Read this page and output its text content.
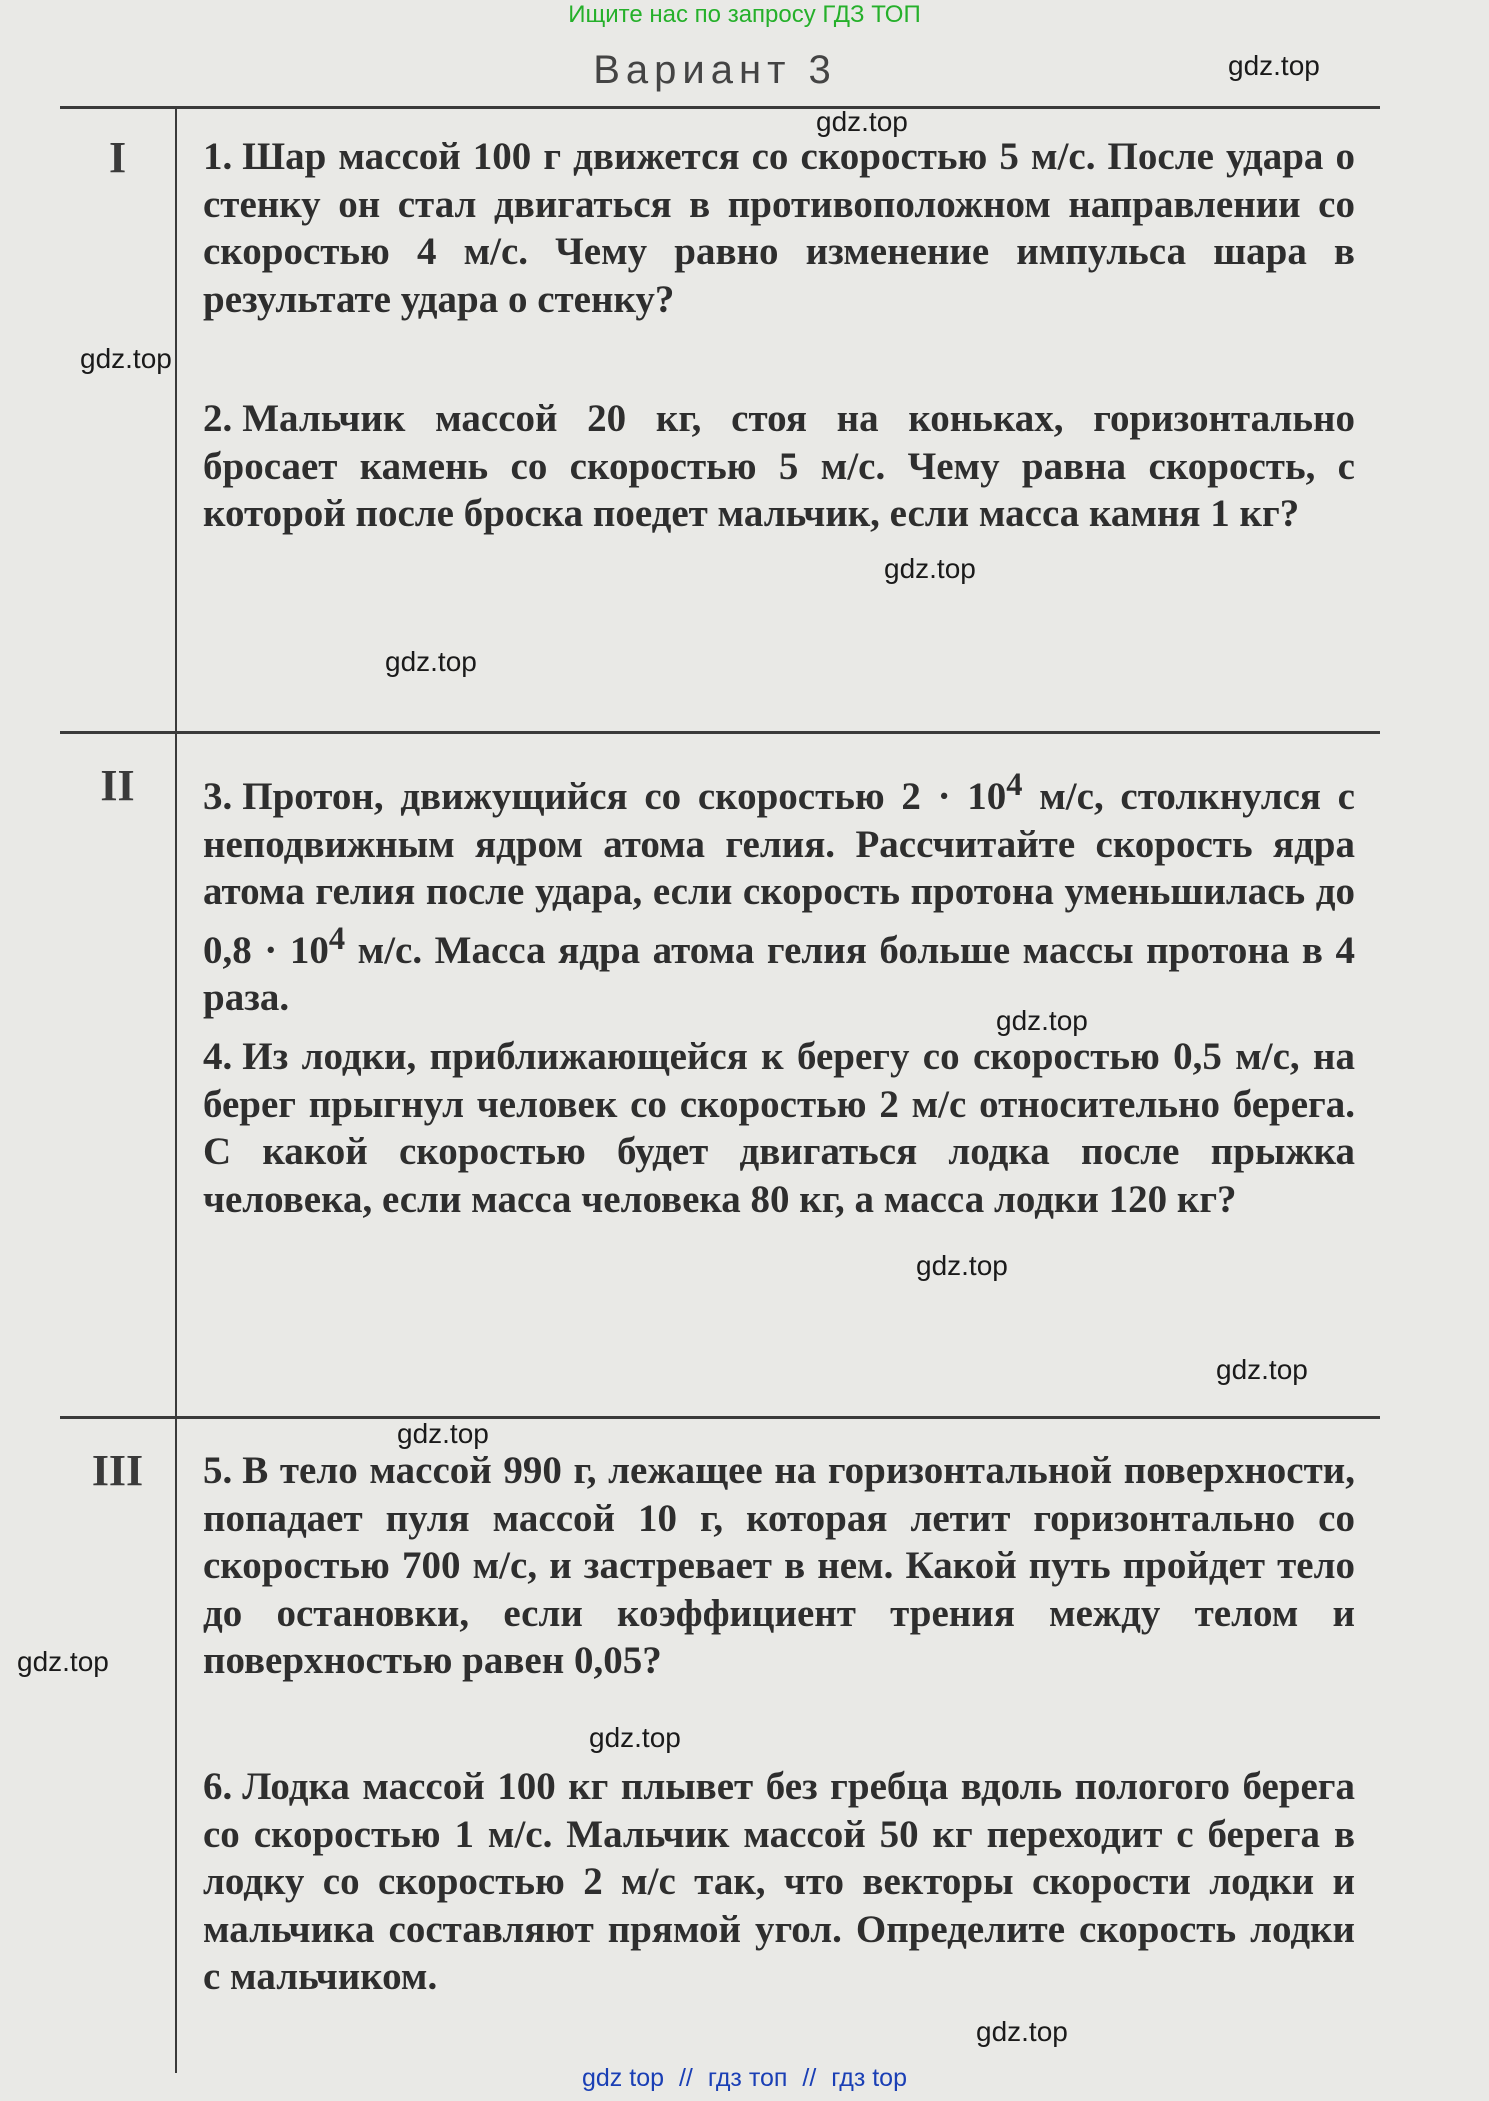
Ищите нас по запросу ГДЗ ТОП
Вариант 3
I	1. Шар массой 100 г движется со скоростью 5 м/с. После удара о стенку он стал двигаться в противоположном направлении со скоростью 4 м/с. Чему равно изменение импульса шара в результате удара о стенку?
2. Мальчик массой 20 кг, стоя на коньках, горизонтально бросает камень со скоростью 5 м/с. Чему равна скорость, с которой после броска поедет мальчик, если масса камня 1 кг?
II	3. Протон, движущийся со скоростью $2 \cdot 10^4$ м/с, столкнулся с неподвижным ядром атома гелия. Рассчитайте скорость ядра атома гелия после удара, если скорость протона уменьшилась до $0,8 \cdot 10^4$ м/с. Масса ядра атома гелия больше массы протона в 4 раза.
4. Из лодки, приближающейся к берегу со скоростью 0,5 м/с, на берег прыгнул человек со скоростью 2 м/с относительно берега. С какой скоростью будет двигаться лодка после прыжка человека, если масса человека 80 кг, а масса лодки 120 кг?
III	5. В тело массой 990 г, лежащее на горизонтальной поверхности, попадает пуля массой 10 г, которая летит горизонтально со скоростью 700 м/с, и застревает в нем. Какой путь пройдет тело до остановки, если коэффициент трения между телом и поверхностью равен 0,05?
6. Лодка массой 100 кг плывет без гребца вдоль пологого берега со скоростью 1 м/с. Мальчик массой 50 кг переходит с берега в лодку со скоростью 2 м/с так, что векторы скорости лодки и мальчика составляют прямой угол. Определите скорость лодки с мальчиком.
gdz.top
gdz.top
gdz.top
gdz.top
gdz.top
gdz.top
gdz.top
gdz.top
gdz.top
gdz.top
gdz.top
gdz.top
gdz top // гдз топ // гдз top
